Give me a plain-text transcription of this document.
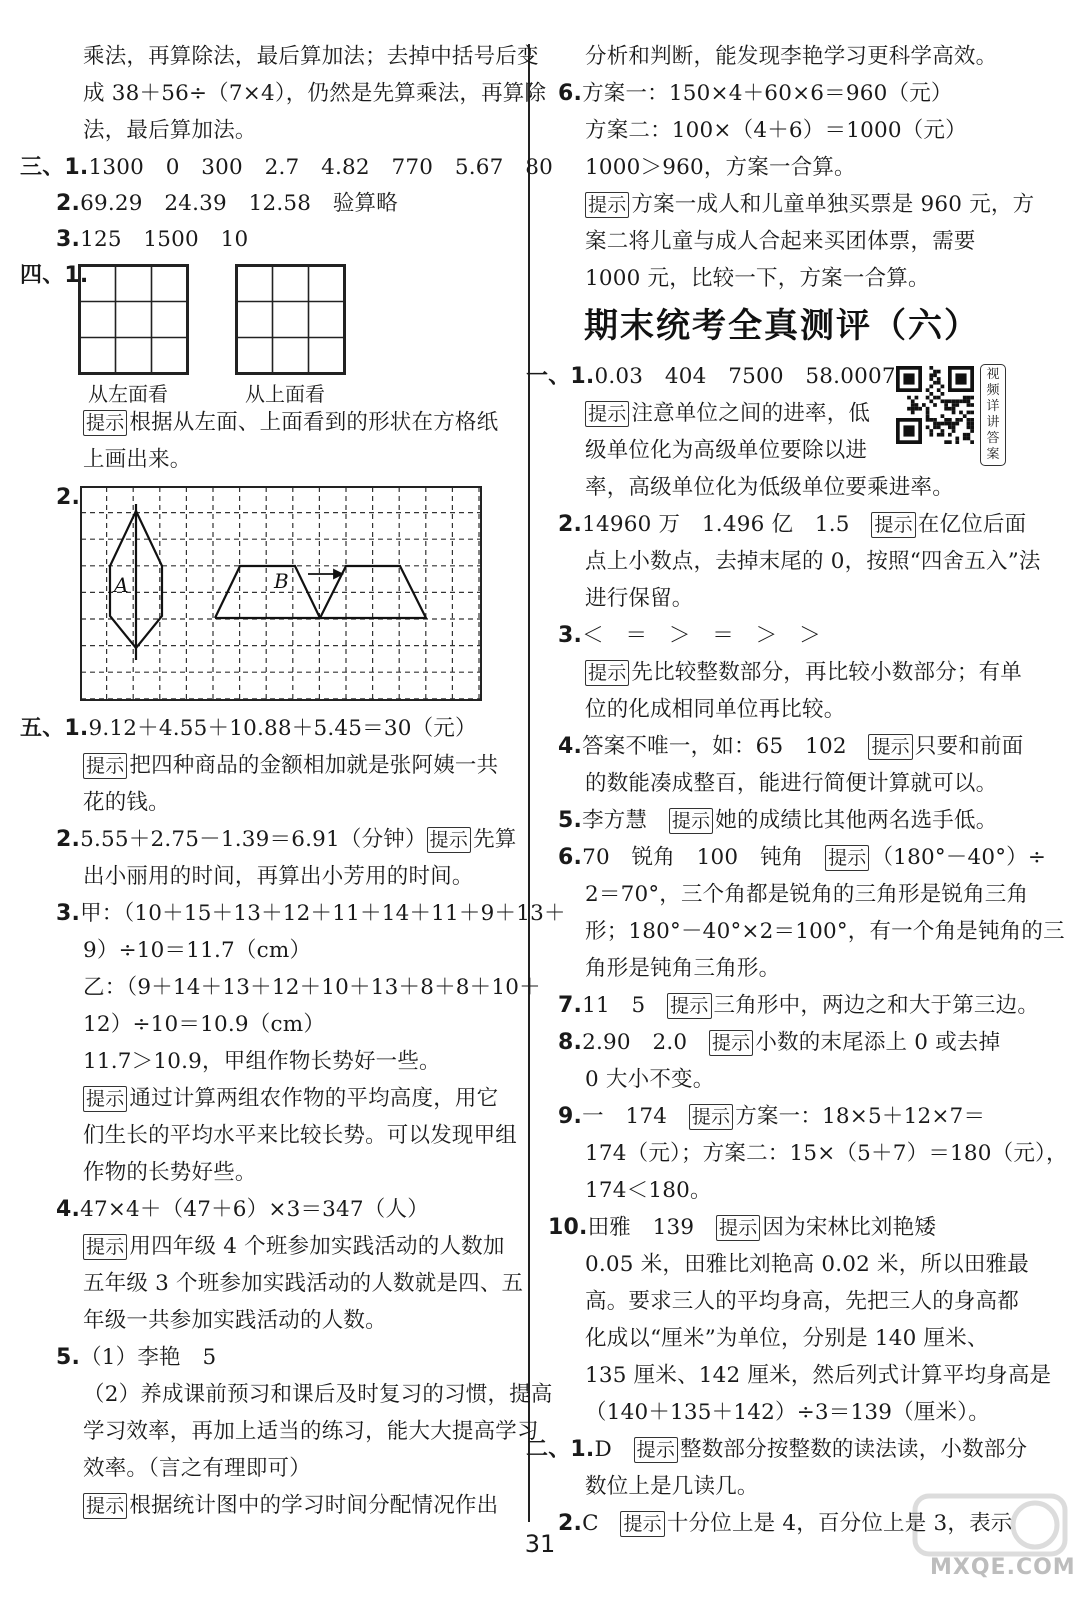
乘法，再算除法，最后算加法；去掉中括号后变
成 38＋56÷（7×4），仍然是先算乘法，再算除
法，最后算加法。
三、1.1300　0　300　2.7　4.82　770　5.67　80
2.69.29　24.39　12.58　验算略
3.125　1500　10
四、1.
提示 根据从左面、上面看到的形状在方格纸
上画出来。
2.
五、1.9.12＋4.55＋10.88＋5.45＝30（元）
提示 把四种商品的金额相加就是张阿姨一共
花的钱。
2.5.55＋2.75－1.39＝6.91（分钟） 提示 先算
出小丽用的时间，再算出小芳用的时间。
3.甲：（10＋15＋13＋12＋11＋14＋11＋9＋13＋
9）÷10＝11.7（cm）
乙：（9＋14＋13＋12＋10＋13＋8＋8＋10＋
12）÷10＝10.9（cm）
11.7＞10.9，甲组作物长势好一些。
提示 通过计算两组农作物的平均高度，用它
们生长的平均水平来比较长势。可以发现甲组
作物的长势好些。
4.47×4＋（47＋6）×3＝347（人）
提示 用四年级 4 个班参加实践活动的人数加
五年级 3 个班参加实践活动的人数就是四、五
年级一共参加实践活动的人数。
5.（1）李艳　5
（2）养成课前预习和课后及时复习的习惯，提高
学习效率，再加上适当的练习，能大大提高学习
效率。（言之有理即可）
提示 根据统计图中的学习时间分配情况作出
分析和判断，能发现李艳学习更科学高效。
6.方案一：150×4＋60×6＝960（元）
方案二：100×（4＋6）＝1000（元）
1000＞960，方案一合算。
提示 方案一成人和儿童单独买票是 960 元，方
案二将儿童与成人合起来买团体票，需要
1000 元，比较一下，方案一合算。
一、1.0.03　404　7500　58.0007
提示 注意单位之间的进率，低
级单位化为高级单位要除以进
率，高级单位化为低级单位要乘进率。
2.14960 万　1.496 亿　1.5　提示 在亿位后面
点上小数点，去掉末尾的 0，按照“四舍五入”法
进行保留。
3.＜　＝　＞　＝　＞　＞
提示 先比较整数部分，再比较小数部分；有单
位的化成相同单位再比较。
4.答案不唯一，如：65　102　提示 只要和前面
的数能凑成整百，能进行简便计算就可以。
5.李方慧　提示 她的成绩比其他两名选手低。
6.70　锐角　100　钝角　提示 （180°－40°）÷
2＝70°，三个角都是锐角的三角形是锐角三角
形；180°－40°×2＝100°，有一个角是钝角的三
角形是钝角三角形。
7.11　5　提示 三角形中，两边之和大于第三边。
8.2.90　2.0　提示 小数的末尾添上 0 或去掉
0 大小不变。
9.一　174　提示 方案一：18×5＋12×7＝
174（元）；方案二：15×（5＋7）＝180（元），
174＜180。
10.田雅　139　提示 因为宋林比刘艳矮
0.05 米，田雅比刘艳高 0.02 米，所以田雅最
高。要求三人的平均身高，先把三人的身高都
化成以“厘米”为单位，分别是 140 厘米、
135 厘米、142 厘米，然后列式计算平均身高是
（140＋135＋142）÷3＝139（厘米）。
二、1.D　提示 整数部分按整数的读法读，小数部分
数位上是几读几。
2.C　提示 十分位上是 4，百分位上是 3，表示
从左面看	从上面看
A	B
期末统考全真测评（六）
视频详讲答案
31
MXQE.COM
